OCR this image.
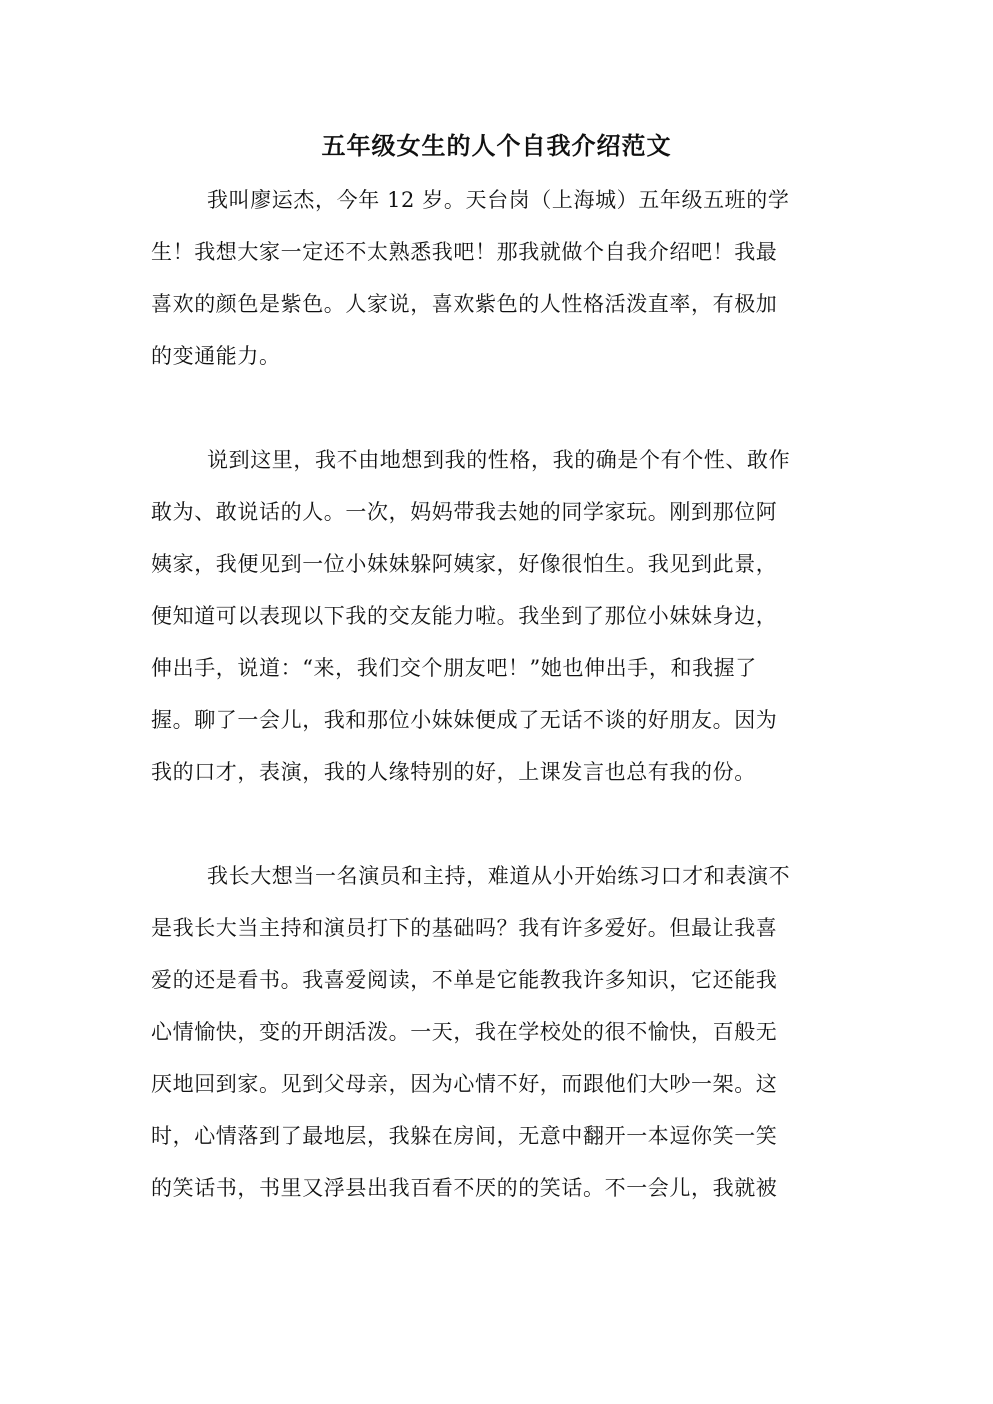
五年级女生的人个自我介绍范文
我叫廖运杰，今年 12 岁。天台岗（上海城）五年级五班的学
生！我想大家一定还不太熟悉我吧！那我就做个自我介绍吧！我最
喜欢的颜色是紫色。人家说，喜欢紫色的人性格活泼直率，有极加
的变通能力。
说到这里，我不由地想到我的性格，我的确是个有个性、敢作
敢为、敢说话的人。一次，妈妈带我去她的同学家玩。刚到那位阿
姨家，我便见到一位小妹妹躲阿姨家，好像很怕生。我见到此景，
便知道可以表现以下我的交友能力啦。我坐到了那位小妹妹身边，
伸出手，说道：“来，我们交个朋友吧！”她也伸出手，和我握了
握。聊了一会儿，我和那位小妹妹便成了无话不谈的好朋友。因为
我的口才，表演，我的人缘特别的好，上课发言也总有我的份。
我长大想当一名演员和主持，难道从小开始练习口才和表演不
是我长大当主持和演员打下的基础吗？我有许多爱好。但最让我喜
爱的还是看书。我喜爱阅读，不单是它能教我许多知识，它还能我
心情愉快，变的开朗活泼。一天，我在学校处的很不愉快，百般无
厌地回到家。见到父母亲，因为心情不好，而跟他们大吵一架。这
时，心情落到了最地层，我躲在房间，无意中翻开一本逗你笑一笑
的笑话书，书里又浮县出我百看不厌的的笑话。不一会儿，我就被
